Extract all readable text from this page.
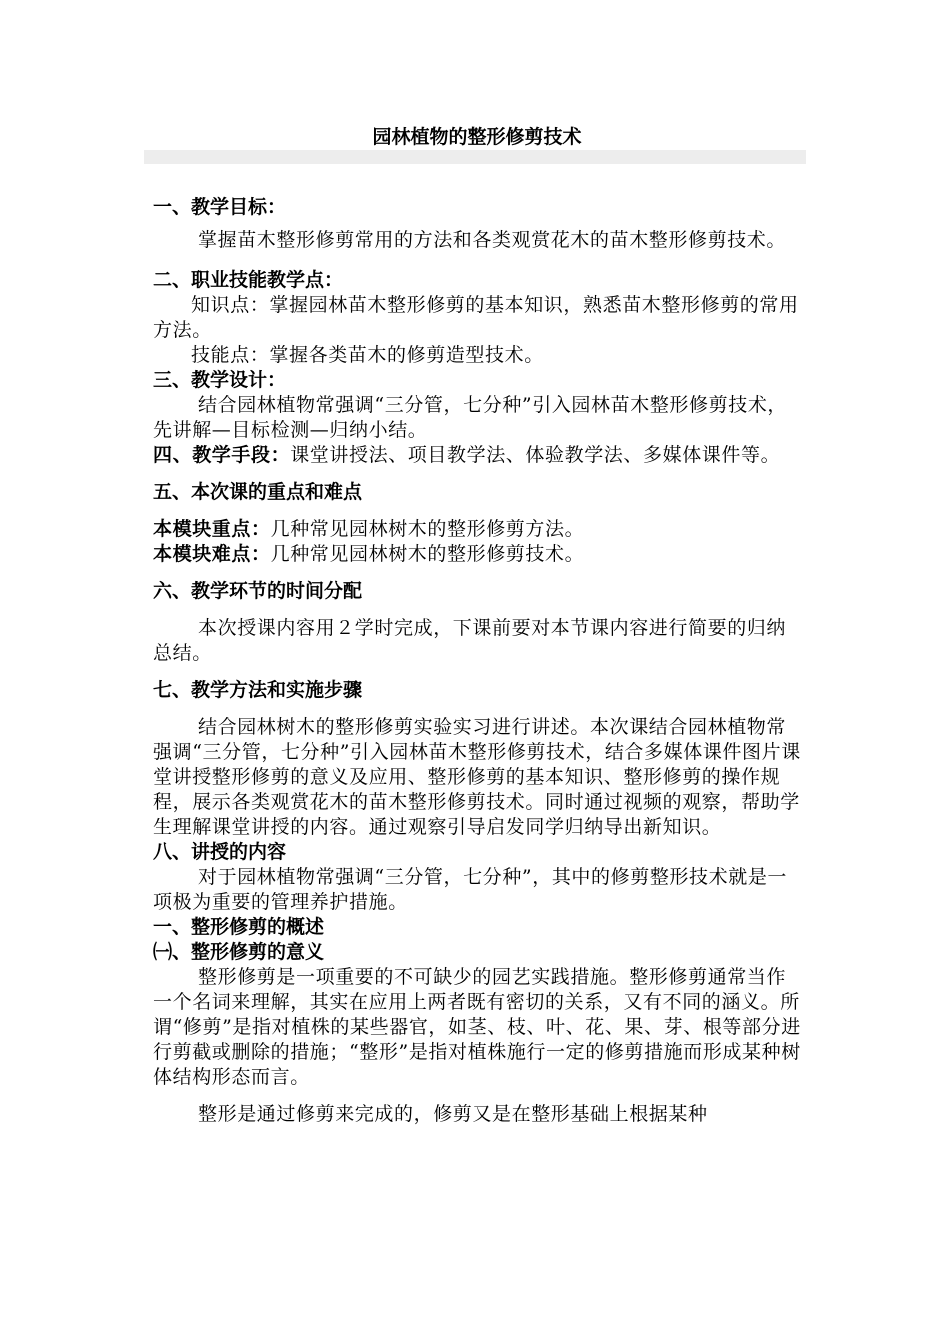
园林植物的整形修剪技术
一、教学目标：

掌握苗木整形修剪常用的方法和各类观赏花木的苗木整形修剪技术。

二、职业技能教学点：

知识点：掌握园林苗木整形修剪的基本知识，熟悉苗木整形修剪的常用方法。

技能点：掌握各类苗木的修剪造型技术。

三、教学设计：

结合园林植物常强调“三分管，七分种”引入园林苗木整形修剪技术，先讲解—目标检测—归纳小结。

四、教学手段：课堂讲授法、项目教学法、体验教学法、多媒体课件等。

五、本次课的重点和难点

本模块重点：几种常见园林树木的整形修剪方法。

本模块难点：几种常见园林树木的整形修剪技术。

六、教学环节的时间分配

本次授课内容用２学时完成，下课前要对本节课内容进行简要的归纳总结。

七、教学方法和实施步骤

结合园林树木的整形修剪实验实习进行讲述。本次课结合园林植物常强调“三分管，七分种”引入园林苗木整形修剪技术，结合多媒体课件图片课堂讲授整形修剪的意义及应用、整形修剪的基本知识、整形修剪的操作规程，展示各类观赏花木的苗木整形修剪技术。同时通过视频的观察，帮助学生理解课堂讲授的内容。通过观察引导启发同学归纳导出新知识。

八、讲授的内容

对于园林植物常强调“三分管，七分种”，其中的修剪整形技术就是一项极为重要的管理养护措施。

一、整形修剪的概述
㈠、整形修剪的意义

整形修剪是一项重要的不可缺少的园艺实践措施。整形修剪通常当作一个名词来理解，其实在应用上两者既有密切的关系，又有不同的涵义。所谓“修剪”是指对植株的某些器官，如茎、枝、叶、花、果、芽、根等部分进行剪截或删除的措施；“整形”是指对植株施行一定的修剪措施而形成某种树体结构形态而言。

整形是通过修剪来完成的，修剪又是在整形基础上根据某种
